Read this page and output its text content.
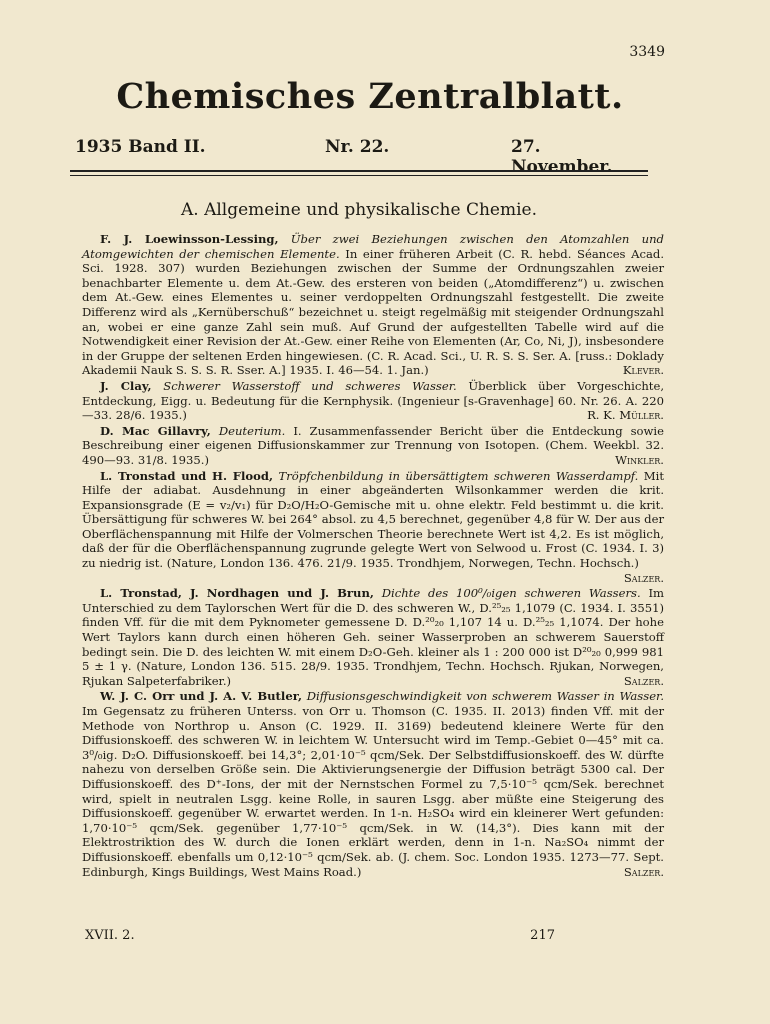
3349
Chemisches Zentralblatt.
1935 Band II.	Nr. 22.	27. November.
A. Allgemeine und physikalische Chemie.

F. J. Loewinsson-Lessing, Über zwei Beziehungen zwischen den Atomzahlen und Atomgewichten der chemischen Elemente. In einer früheren Arbeit (C. R. hebd. Séances Acad. Sci. 1928. 307) wurden Beziehungen zwischen der Summe der Ordnungszahlen zweier benachbarter Elemente u. dem At.-Gew. des ersteren von beiden („Atomdifferenz“) u. zwischen dem At.-Gew. eines Elementes u. seiner verdoppelten Ordnungszahl festgestellt. Die zweite Differenz wird als „Kernüberschuß“ bezeichnet u. steigt regelmäßig mit steigender Ordnungszahl an, wobei er eine ganze Zahl sein muß. Auf Grund der aufgestellten Tabelle wird auf die Notwendigkeit einer Revision der At.-Gew. einer Reihe von Elementen (Ar, Co, Ni, J), insbesondere in der Gruppe der seltenen Erden hingewiesen. (C. R. Acad. Sci., U. R. S. S. Ser. A. [russ.: Doklady Akademii Nauk S. S. S. R. Sser. A.] 1935. I. 46—54. 1. Jan.)	Klever.

J. Clay, Schwerer Wasserstoff und schweres Wasser. Überblick über Vorgeschichte, Entdeckung, Eigg. u. Bedeutung für die Kernphysik. (Ingenieur [s-Gravenhage] 60. Nr. 26. A. 220—33. 28/6. 1935.)	R. K. Müller.

D. Mac Gillavry, Deuterium. I. Zusammenfassender Bericht über die Entdeckung sowie Beschreibung einer eigenen Diffusionskammer zur Trennung von Isotopen. (Chem. Weekbl. 32. 490—93. 31/8. 1935.)	Winkler.

L. Tronstad und H. Flood, Tröpfchenbildung in übersättigtem schweren Wasserdampf. Mit Hilfe der adiabat. Ausdehnung in einer abgeänderten Wilsonkammer werden die krit. Expansionsgrade (E = v₂/v₁) für D₂O/H₂O-Gemische mit u. ohne elektr. Feld bestimmt u. die krit. Übersättigung für schweres W. bei 264° absol. zu 4,5 berechnet, gegenüber 4,8 für W. Der aus der Oberflächenspannung mit Hilfe der Volmerschen Theorie berechnete Wert ist 4,2. Es ist möglich, daß der für die Oberflächenspannung zugrunde gelegte Wert von Selwood u. Frost (C. 1934. I. 3) zu niedrig ist. (Nature, London 136. 476. 21/9. 1935. Trondhjem, Norwegen, Techn. Hochsch.)
Salzer.

L. Tronstad, J. Nordhagen und J. Brun, Dichte des 100⁰/₀igen schweren Wassers. Im Unterschied zu dem Taylorschen Wert für die D. des schweren W., D.²⁵₂₅ 1,1079 (C. 1934. I. 3551) finden Vff. für die mit dem Pyknometer gemessene D. D.²⁰₂₀ 1,107 14 u. D.²⁵₂₅ 1,1074. Der hohe Wert Taylors kann durch einen höheren Geh. seiner Wasserproben an schwerem Sauerstoff bedingt sein. Die D. des leichten W. mit einem D₂O-Geh. kleiner als 1 : 200 000 ist D²⁰₂₀ 0,999 981 5 ± 1 γ. (Nature, London 136. 515. 28/9. 1935. Trondhjem, Techn. Hochsch. Rjukan, Norwegen, Rjukan Salpeterfabriker.)	Salzer.

W. J. C. Orr und J. A. V. Butler, Diffusionsgeschwindigkeit von schwerem Wasser in Wasser. Im Gegensatz zu früheren Unterss. von Orr u. Thomson (C. 1935. II. 2013) finden Vff. mit der Methode von Northrop u. Anson (C. 1929. II. 3169) bedeutend kleinere Werte für den Diffusionskoeff. des schweren W. in leichtem W. Untersucht wird im Temp.-Gebiet 0—45° mit ca. 3⁰/₀ig. D₂O. Diffusionskoeff. bei 14,3°; 2,01·10⁻⁵ qcm/Sek. Der Selbstdiffusionskoeff. des W. dürfte nahezu von derselben Größe sein. Die Aktivierungsenergie der Diffusion beträgt 5300 cal. Der Diffusionskoeff. des D⁺-Ions, der mit der Nernstschen Formel zu 7,5·10⁻⁵ qcm/Sek. berechnet wird, spielt in neutralen Lsgg. keine Rolle, in sauren Lsgg. aber müßte eine Steigerung des Diffusionskoeff. gegenüber W. erwartet werden. In 1-n. H₂SO₄ wird ein kleinerer Wert gefunden: 1,70·10⁻⁵ qcm/Sek. gegenüber 1,77·10⁻⁵ qcm/Sek. in W. (14,3°). Dies kann mit der Elektrostriktion des W. durch die Ionen erklärt werden, denn in 1-n. Na₂SO₄ nimmt der Diffusionskoeff. ebenfalls um 0,12·10⁻⁵ qcm/Sek. ab. (J. chem. Soc. London 1935. 1273—77. Sept. Edinburgh, Kings Buildings, West Mains Road.)	Salzer.

XVII. 2.	217
